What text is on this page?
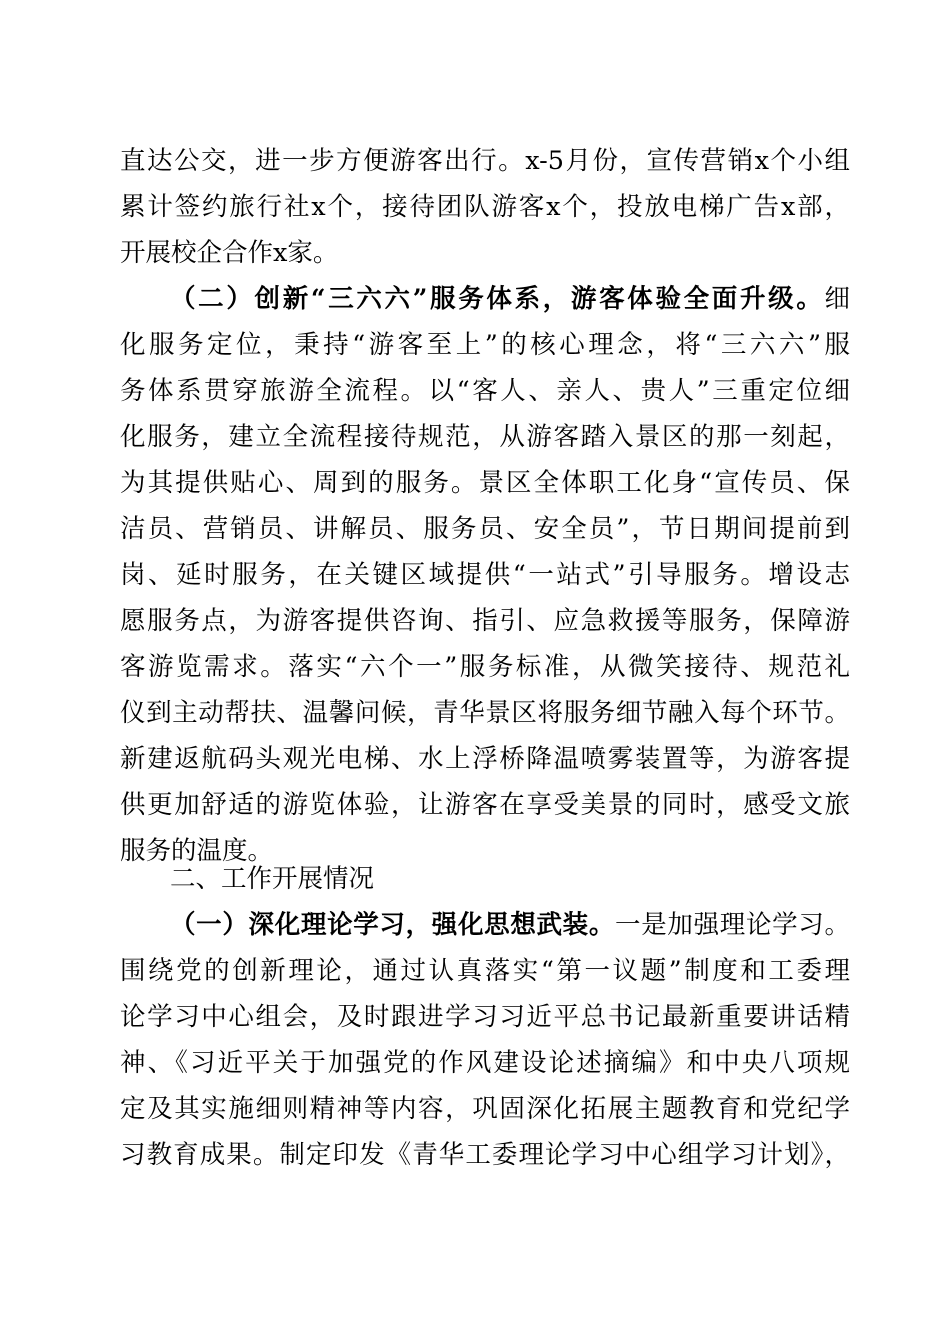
直达公交，进一步方便游客出行。x-5月份，宣传营销x个小组
累计签约旅行社x个，接待团队游客x个，投放电梯广告x部，
开展校企合作x家。
（二）创新“三六六”服务体系，游客体验全面升级。细
化服务定位，秉持“游客至上”的核心理念，将“三六六”服
务体系贯穿旅游全流程。以“客人、亲人、贵人”三重定位细
化服务，建立全流程接待规范，从游客踏入景区的那一刻起，
为其提供贴心、周到的服务。景区全体职工化身“宣传员、保
洁员、营销员、讲解员、服务员、安全员”，节日期间提前到
岗、延时服务，在关键区域提供“一站式”引导服务。增设志
愿服务点，为游客提供咨询、指引、应急救援等服务，保障游
客游览需求。落实“六个一”服务标准，从微笑接待、规范礼
仪到主动帮扶、温馨问候，青华景区将服务细节融入每个环节。
新建返航码头观光电梯、水上浮桥降温喷雾装置等，为游客提
供更加舒适的游览体验，让游客在享受美景的同时，感受文旅
服务的温度。
二、工作开展情况
（一）深化理论学习，强化思想武装。一是加强理论学习。
围绕党的创新理论，通过认真落实“第一议题”制度和工委理
论学习中心组会，及时跟进学习习近平总书记最新重要讲话精
神、《习近平关于加强党的作风建设论述摘编》和中央八项规
定及其实施细则精神等内容，巩固深化拓展主题教育和党纪学
习教育成果。制定印发《青华工委理论学习中心组学习计划》，
